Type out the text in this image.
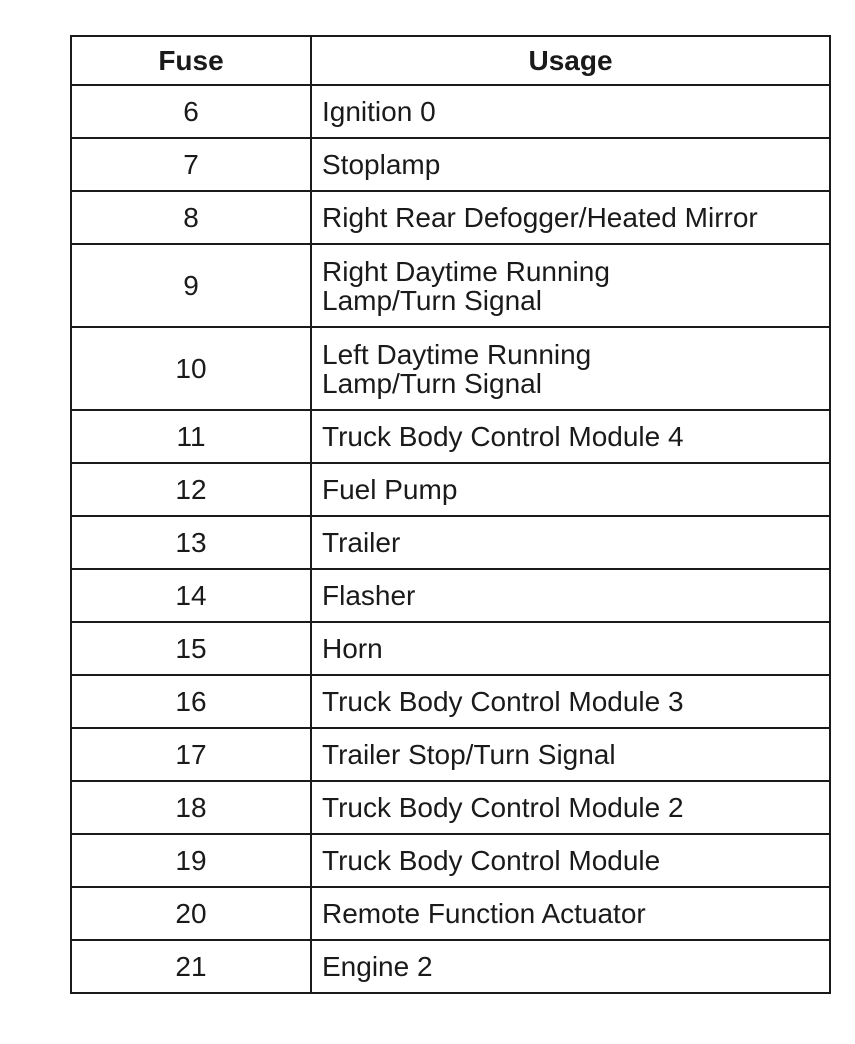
Fuse	Usage
6	Ignition 0
7	Stoplamp
8	Right Rear Defogger/Heated Mirror
9	Right Daytime Running
Lamp/Turn Signal
10	Left Daytime Running
Lamp/Turn Signal
11	Truck Body Control Module 4
12	Fuel Pump
13	Trailer
14	Flasher
15	Horn
16	Truck Body Control Module 3
17	Trailer Stop/Turn Signal
18	Truck Body Control Module 2
19	Truck Body Control Module
20	Remote Function Actuator
21	Engine 2
